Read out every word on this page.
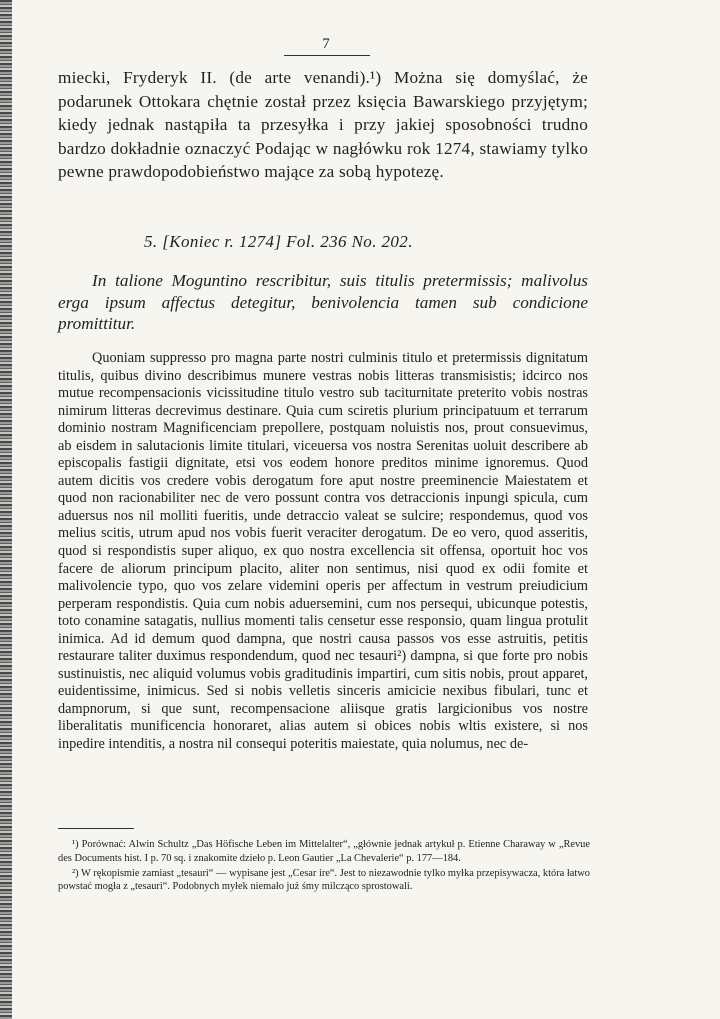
7

miecki, Fryderyk II. (de arte venandi).¹) Można się domyślać, że podarunek Ottokara chętnie został przez księcia Bawarskiego przyjętym; kiedy jednak nastąpiła ta przesyłka i przy jakiej sposobności trudno bardzo dokładnie oznaczyć Podając w nagłówku rok 1274, stawiamy tylko pewne prawdopodobieństwo mające za sobą hypotezę.

5. [Koniec r. 1274] Fol. 236 No. 202.

In talione Moguntino rescribitur, suis titulis pretermissis; malivolus erga ipsum affectus detegitur, benivolencia tamen sub condicione promittitur.

Quoniam suppresso pro magna parte nostri culminis titulo et pretermissis dignitatum titulis, quibus divino describimus munere vestras nobis litteras transmisistis; idcirco nos mutue recompensacionis vicissitudine titulo vestro sub taciturnitate preterito vobis nostras nimirum litteras decrevimus destinare. Quia cum sciretis plurium principatuum et terrarum dominio nostram Magnificenciam prepollere, postquam noluistis nos, prout consuevimus, ab eisdem in salutacionis limite titulari, viceuersa vos nostra Serenitas uoluit describere ab episcopalis fastigii dignitate, etsi vos eodem honore preditos minime ignoremus. Quod autem dicitis vos credere vobis derogatum fore aput nostre preeminencie Maiestatem et quod non racionabiliter nec de vero possunt contra vos detraccionis inpungi spicula, cum aduersus nos nil molliti fueritis, unde detraccio valeat se sulcire; respondemus, quod vos melius scitis, utrum apud nos vobis fuerit veraciter derogatum. De eo vero, quod asseritis, quod si respondistis super aliquo, ex quo nostra excellencia sit offensa, oportuit hoc vos facere de aliorum principum placito, aliter non sentimus, nisi quod ex odii fomite et malivolencie typo, quo vos zelare videmini operis per affectum in vestrum preiudicium perperam respondistis. Quia cum nobis aduersemini, cum nos persequi, ubicunque potestis, toto conamine satagatis, nullius momenti talis censetur esse responsio, quam lingua protulit inimica. Ad id demum quod dampna, que nostri causa passos vos esse astruitis, petitis restaurare taliter duximus respondendum, quod nec tesauri²) dampna, si que forte pro nobis sustinuistis, nec aliquid volumus vobis graditudinis impartiri, cum sitis nobis, prout apparet, euidentissime, inimicus. Sed si nobis velletis sinceris amicicie nexibus fibulari, tunc et dampnorum, si que sunt, recompensacione aliisque gratis largicionibus vos nostre liberalitatis munificencia honoraret, alias autem si obices nobis wltis existere, si nos inpedire intenditis, a nostra nil consequi poteritis maiestate, quia nolumus, nec de-

¹) Porównać: Alwin Schultz „Das Höfische Leben im Mittelalter“, „głównie jednak artykuł p. Etienne Charaway w „Revue des Documents hist. I p. 70 sq. i znakomite dzieło p. Leon Gautier „La Chevalerie“ p. 177—184.

²) W rękopismie zamiast „tesauri“ — wypisane jest „Cesar ire“. Jest to niezawodnie tylko myłka przepisywacza, która łatwo powstać mogła z „tesauri“. Podobnych myłek niemało już śmy milcząco sprostowali.
